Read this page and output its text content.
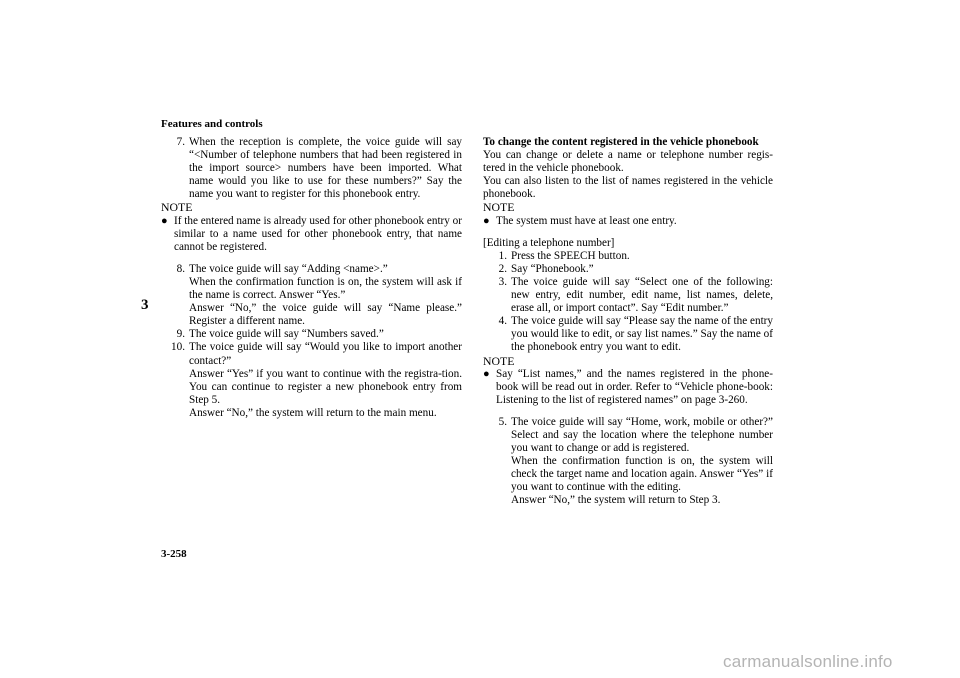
Features and controls
3
7. When the reception is complete, the voice guide will say “<Number of telephone numbers that had been registered in the import source> numbers have been imported. What name would you like to use for these numbers?” Say the name you want to register for this phonebook entry.

NOTE

● If the entered name is already used for other phonebook entry or similar to a name used for other phonebook entry, that name cannot be registered.

8. The voice guide will say “Adding <name>.”

When the confirmation function is on, the system will ask if the name is correct. Answer “Yes.”

Answer “No,” the voice guide will say “Name please.” Register a different name.

9. The voice guide will say “Numbers saved.”

10. The voice guide will say “Would you like to import another contact?”

Answer “Yes” if you want to continue with the registra-tion. You can continue to register a new phonebook entry from Step 5.

Answer “No,” the system will return to the main menu.

To change the content registered in the vehicle phonebook

You can change or delete a name or telephone number regis-tered in the vehicle phonebook.

You can also listen to the list of names registered in the vehicle phonebook.

NOTE

● The system must have at least one entry.

[Editing a telephone number]

1. Press the SPEECH button.

2. Say “Phonebook.”

3. The voice guide will say “Select one of the following: new entry, edit number, edit name, list names, delete, erase all, or import contact”. Say “Edit number.”

4. The voice guide will say “Please say the name of the entry you would like to edit, or say list names.” Say the name of the phonebook entry you want to edit.

NOTE

● Say “List names,” and the names registered in the phone-book will be read out in order. Refer to “Vehicle phone-book: Listening to the list of registered names” on page 3-260.

5. The voice guide will say “Home, work, mobile or other?” Select and say the location where the telephone number you want to change or add is registered.

When the confirmation function is on, the system will check the target name and location again. Answer “Yes” if you want to continue with the editing.

Answer “No,” the system will return to Step 3.

3-258
carmanualsonline.info
